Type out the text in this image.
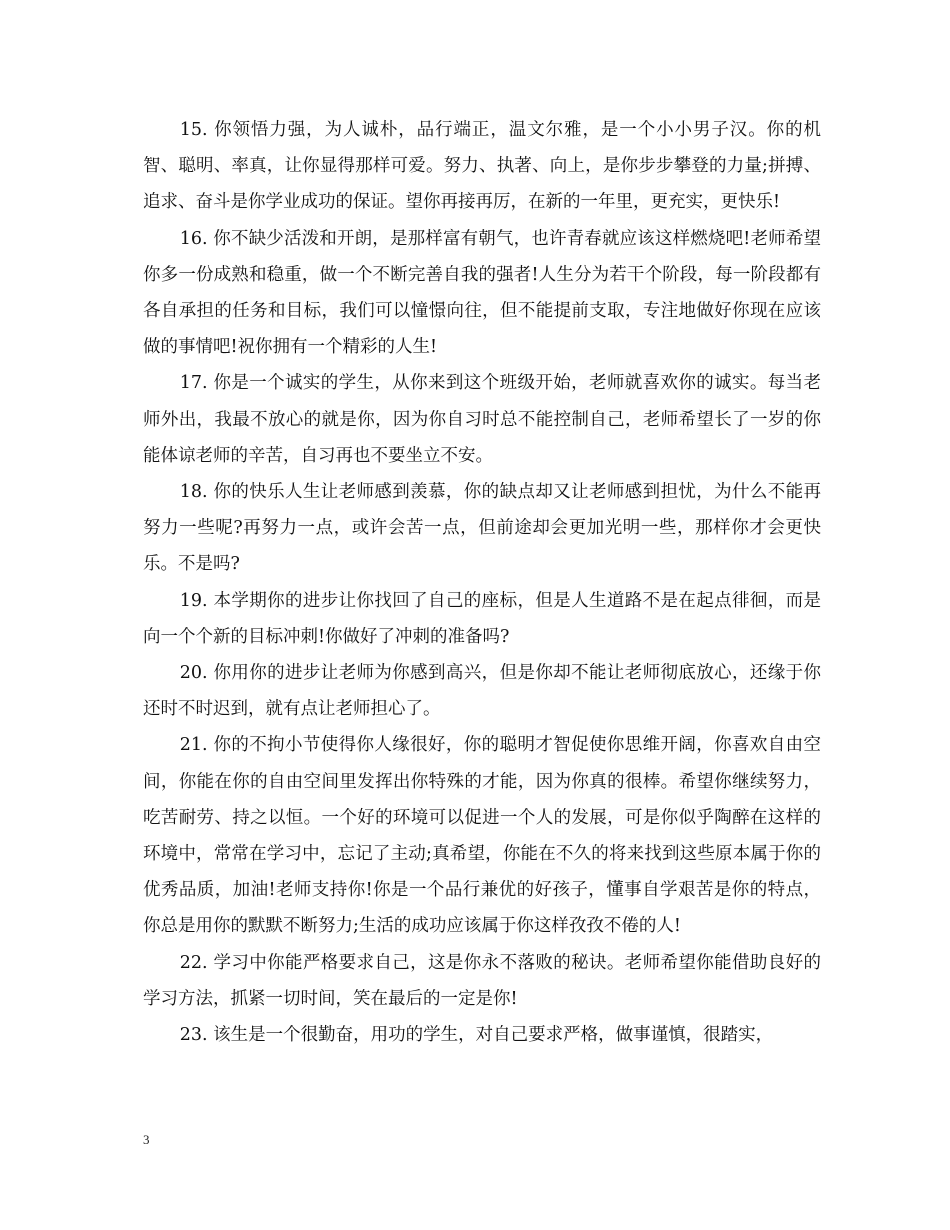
15. 你领悟力强，为人诚朴，品行端正，温文尔雅，是一个小小男子汉。你的机智、聪明、率真，让你显得那样可爱。努力、执著、向上，是你步步攀登的力量;拼搏、追求、奋斗是你学业成功的保证。望你再接再厉，在新的一年里，更充实，更快乐!

16. 你不缺少活泼和开朗，是那样富有朝气，也许青春就应该这样燃烧吧!老师希望你多一份成熟和稳重，做一个不断完善自我的强者!人生分为若干个阶段，每一阶段都有各自承担的任务和目标，我们可以憧憬向往，但不能提前支取，专注地做好你现在应该做的事情吧!祝你拥有一个精彩的人生!

17. 你是一个诚实的学生，从你来到这个班级开始，老师就喜欢你的诚实。每当老师外出，我最不放心的就是你，因为你自习时总不能控制自己，老师希望长了一岁的你能体谅老师的辛苦，自习再也不要坐立不安。

18. 你的快乐人生让老师感到羡慕，你的缺点却又让老师感到担忧，为什么不能再努力一些呢?再努力一点，或许会苦一点，但前途却会更加光明一些，那样你才会更快乐。不是吗?

19. 本学期你的进步让你找回了自己的座标，但是人生道路不是在起点徘徊，而是向一个个新的目标冲刺!你做好了冲刺的准备吗?

20. 你用你的进步让老师为你感到高兴，但是你却不能让老师彻底放心，还缘于你还时不时迟到，就有点让老师担心了。

21. 你的不拘小节使得你人缘很好，你的聪明才智促使你思维开阔，你喜欢自由空间，你能在你的自由空间里发挥出你特殊的才能，因为你真的很棒。希望你继续努力，吃苦耐劳、持之以恒。一个好的环境可以促进一个人的发展，可是你似乎陶醉在这样的环境中，常常在学习中，忘记了主动;真希望，你能在不久的将来找到这些原本属于你的优秀品质，加油!老师支持你!你是一个品行兼优的好孩子，懂事自学艰苦是你的特点，你总是用你的默默不断努力;生活的成功应该属于你这样孜孜不倦的人!

22. 学习中你能严格要求自己，这是你永不落败的秘诀。老师希望你能借助良好的学习方法，抓紧一切时间，笑在最后的一定是你!

23. 该生是一个很勤奋，用功的学生，对自己要求严格，做事谨慎，很踏实，

3
